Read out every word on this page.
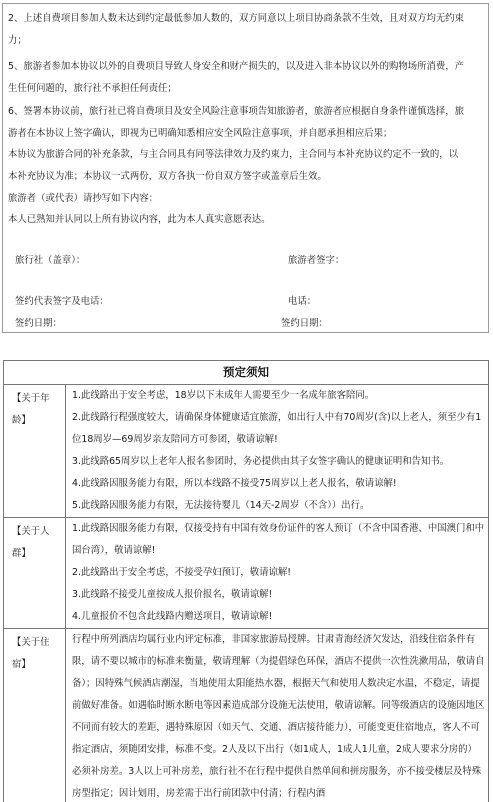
2、上述自费项目参加人数未达到约定最低参加人数的，双方同意以上项目协商条款不生效，且对双方均无约束
力；
5、旅游者参加本协议以外的自费项目导致人身安全和财产损失的，以及进入非本协议以外的购物场所消费，产
生任何问题的，旅行社不承担任何责任；
6、签署本协议前，旅行社已将自费项目及安全风险注意事项告知旅游者，旅游者应根据自身条件谨慎选择，旅
游者在本协议上签字确认，即视为已明确知悉相应安全风险注意事项，并自愿承担相应后果；
本协议为旅游合同的补充条款，与主合同具有同等法律效力及约束力，主合同与本补充协议约定不一致的，以
本补充协议为准；本协议一式两份，双方各执一份自双方签字或盖章后生效。
旅游者（或代表）请抄写如下内容：
本人已熟知并认同以上所有协议内容，此为本人真实意愿表达。
旅行社（盖章）：	旅游者签字：
签约代表签字及电话：	电话：
签约日期：	签约日期：
预定须知
【关于年龄】
1.此线路出于安全考虑，18岁以下未成年人需要至少一名成年旅客陪同。
2.此线路行程强度较大，请确保身体健康适宜旅游，如出行人中有70周岁(含)以上老人，须至少有1位18周岁—69周岁亲友陪同方可参团，敬请谅解!
3.此线路65周岁以上老年人报名参团时，务必提供由其子女签字确认的健康证明和告知书。
4.此线路因服务能力有限，所以本线路不接受75周岁以上老人报名，敬请谅解!
5.此线路因服务能力有限，无法接待婴儿（14天-2周岁（不含））出行。
【关于人群】
1.此线路因服务能力有限，仅接受持有中国有效身份证件的客人预订（不含中国香港、中国澳门和中国台湾），敬请谅解!
2.此线路出于安全考虑，不接受孕妇预订，敬请谅解!
3.此线路不接受儿童按成人报价报名，敬请谅解!
4.儿童报价不包含此线路内赠送项目，敬请谅解!
【关于住宿】
行程中所列酒店均属行业内评定标准，非国家旅游局授牌。甘肃青海经济欠发达，沿线住宿条件有限，请不要以城市的标准来衡量，敬请理解（为提倡绿色环保，酒店不提供一次性洗漱用品，敬请自备）；因特殊气候酒店潮湿，当地使用太阳能热水器，根据天气和使用人数决定水温，不稳定，请提前做好准备。如遇临时断水断电等因素造成部分设施无法使用，敬请谅解。同等级酒店的设施因地区不同而有较大的差距，遇特殊原因（如天气、交通、酒店接待能力），可能变更住宿地点，客人不可指定酒店，须随团安排，标准不变。2人及以下出行（如1成人，1成人1儿童，2成人要求分房的）必须补房差。3人以上可补房差，旅行社不在行程中提供自然单间和拼房服务，亦不接受楼层及特殊房型指定；因计划用，房差需于出行前团款中付清；行程内酒
